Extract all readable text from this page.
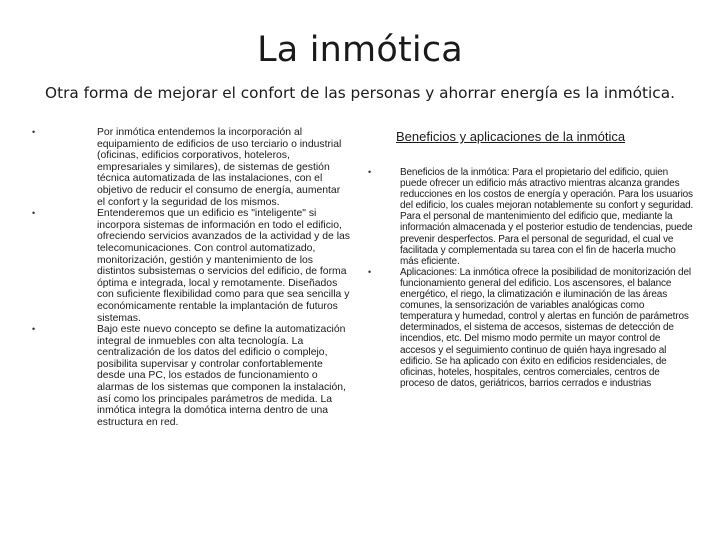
La inmótica
Otra forma de mejorar el confort de las personas y ahorrar energía es la inmótica.
•	Por inmótica entendemos la incorporación al equipamiento de edificios de uso terciario o industrial (oficinas, edificios corporativos, hoteleros, empresariales y similares), de sistemas de gestión técnica automatizada de las instalaciones, con el objetivo de reducir el consumo de energía, aumentar el confort y la seguridad de los mismos.
•	Entenderemos que un edificio es "inteligente" si incorpora sistemas de información en todo el edificio, ofreciendo servicios avanzados de la actividad y de las telecomunicaciones. Con control automatizado, monitorización, gestión y mantenimiento de los distintos subsistemas o servicios del edificio, de forma óptima e integrada, local y remotamente. Diseñados con suficiente flexibilidad como para que sea sencilla y económicamente rentable la implantación de futuros sistemas.
•	Bajo este nuevo concepto se define la automatización integral de inmuebles con alta tecnología. La centralización de los datos del edificio o complejo, posibilita supervisar y controlar confortablemente desde una PC, los estados de funcionamiento o alarmas de los sistemas que componen la instalación, así como los principales parámetros de medida. La inmótica integra la domótica interna dentro de una estructura en red.
Beneficios y aplicaciones de la inmótica
•	Beneficios de la inmótica: Para el propietario del edificio, quien puede ofrecer un edificio más atractivo mientras alcanza grandes reducciones en los costos de energía y operación. Para los usuarios del edificio, los cuales mejoran notablemente su confort y seguridad. Para el personal de mantenimiento del edificio que, mediante la información almacenada y el posterior estudio de tendencias, puede prevenir desperfectos. Para el personal de seguridad, el cual ve facilitada y complementada su tarea con el fin de hacerla mucho más eficiente.
•	Aplicaciones: La inmótica ofrece la posibilidad de monitorización del funcionamiento general del edificio. Los ascensores, el balance energético, el riego, la climatización e iluminación de las áreas comunes, la sensorización de variables analógicas como temperatura y humedad, control y alertas en función de parámetros determinados, el sistema de accesos, sistemas de detección de incendios, etc. Del mismo modo permite un mayor control de accesos y el seguimiento continuo de quién haya ingresado al edificio. Se ha aplicado con éxito en edificios residenciales, de oficinas, hoteles, hospitales, centros comerciales, centros de proceso de datos, geriátricos, barrios cerrados e industrias
